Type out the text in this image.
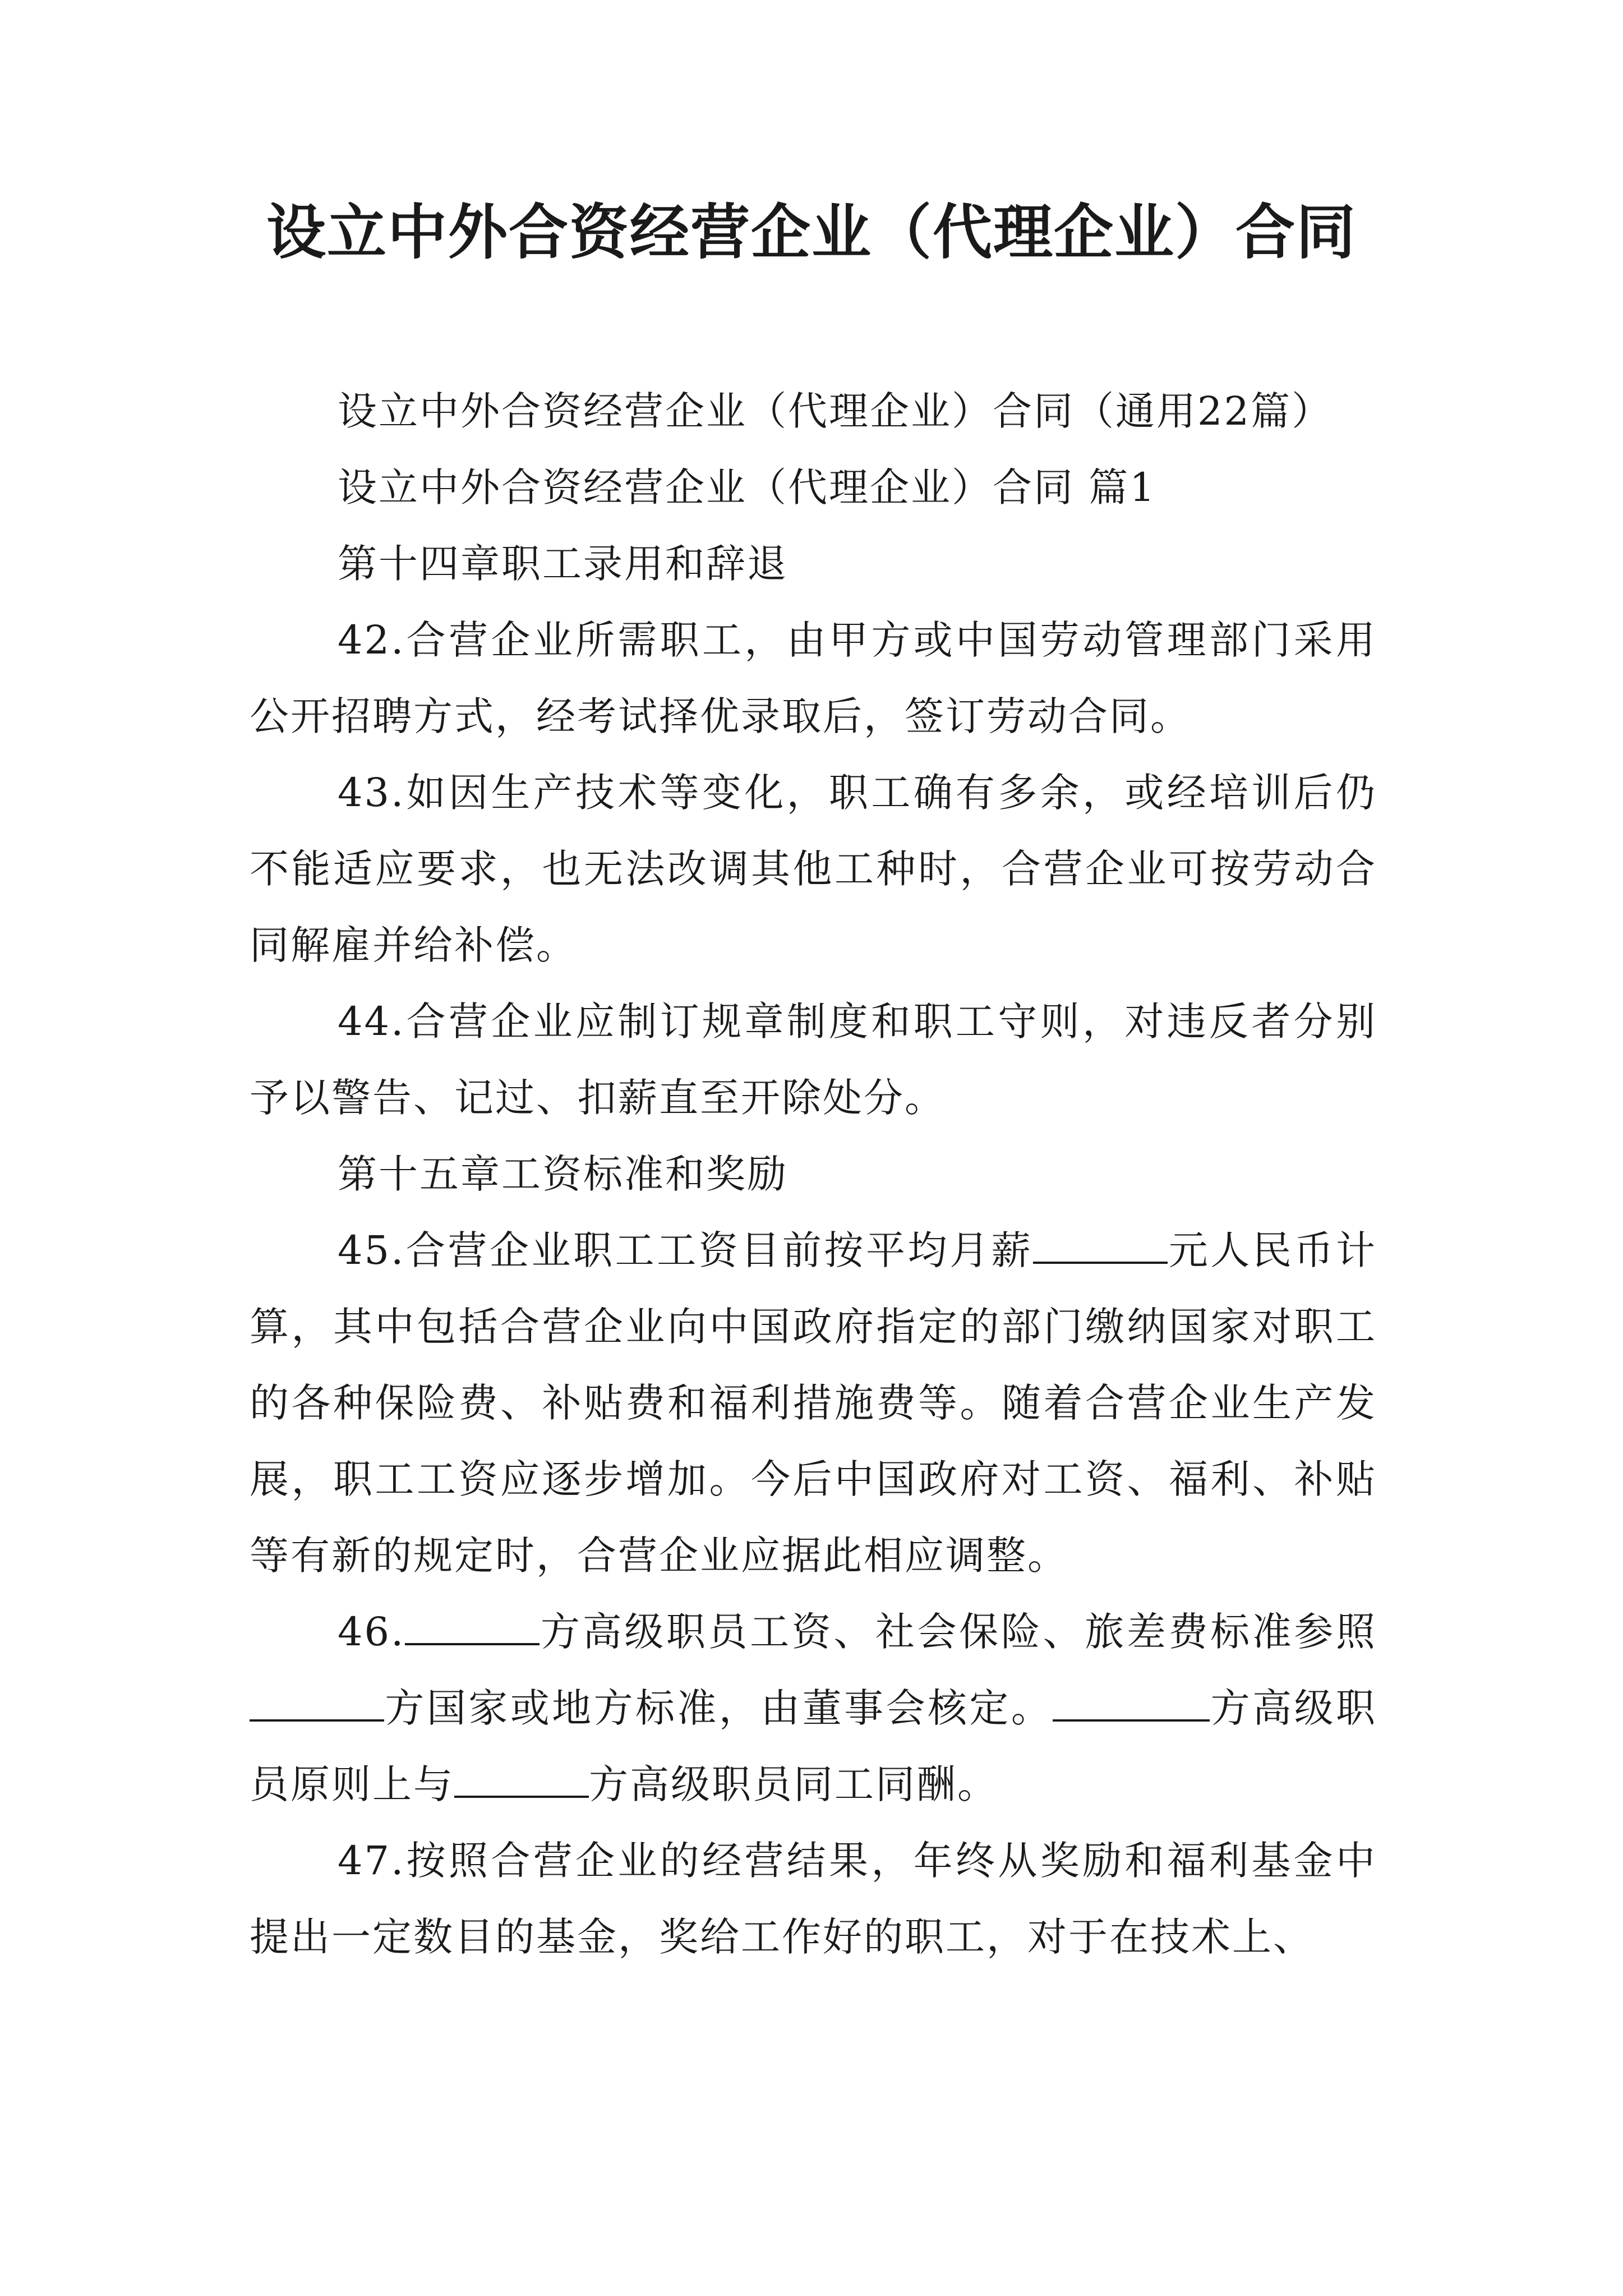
设立中外合资经营企业（代理企业）合同

设立中外合资经营企业（代理企业）合同（通用22篇）

设立中外合资经营企业（代理企业）合同 篇1

第十四章职工录用和辞退

42.合营企业所需职工，由甲方或中国劳动管理部门采用公开招聘方式，经考试择优录取后，签订劳动合同。

43.如因生产技术等变化，职工确有多余，或经培训后仍不能适应要求，也无法改调其他工种时，合营企业可按劳动合同解雇并给补偿。

44.合营企业应制订规章制度和职工守则，对违反者分别予以警告、记过、扣薪直至开除处分。

第十五章工资标准和奖励

45.合营企业职工工资目前按平均月薪	元人民币计算，其中包括合营企业向中国政府指定的部门缴纳国家对职工的各种保险费、补贴费和福利措施费等。随着合营企业生产发展，职工工资应逐步增加。今后中国政府对工资、福利、补贴等有新的规定时，合营企业应据此相应调整。

46.	方高级职员工资、社会保险、旅差费标准参照方国家或地方标准，由董事会核定。	方高级职员原则上与	方高级职员同工同酬。

47.按照合营企业的经营结果，年终从奖励和福利基金中提出一定数目的基金，奖给工作好的职工，对于在技术上、
